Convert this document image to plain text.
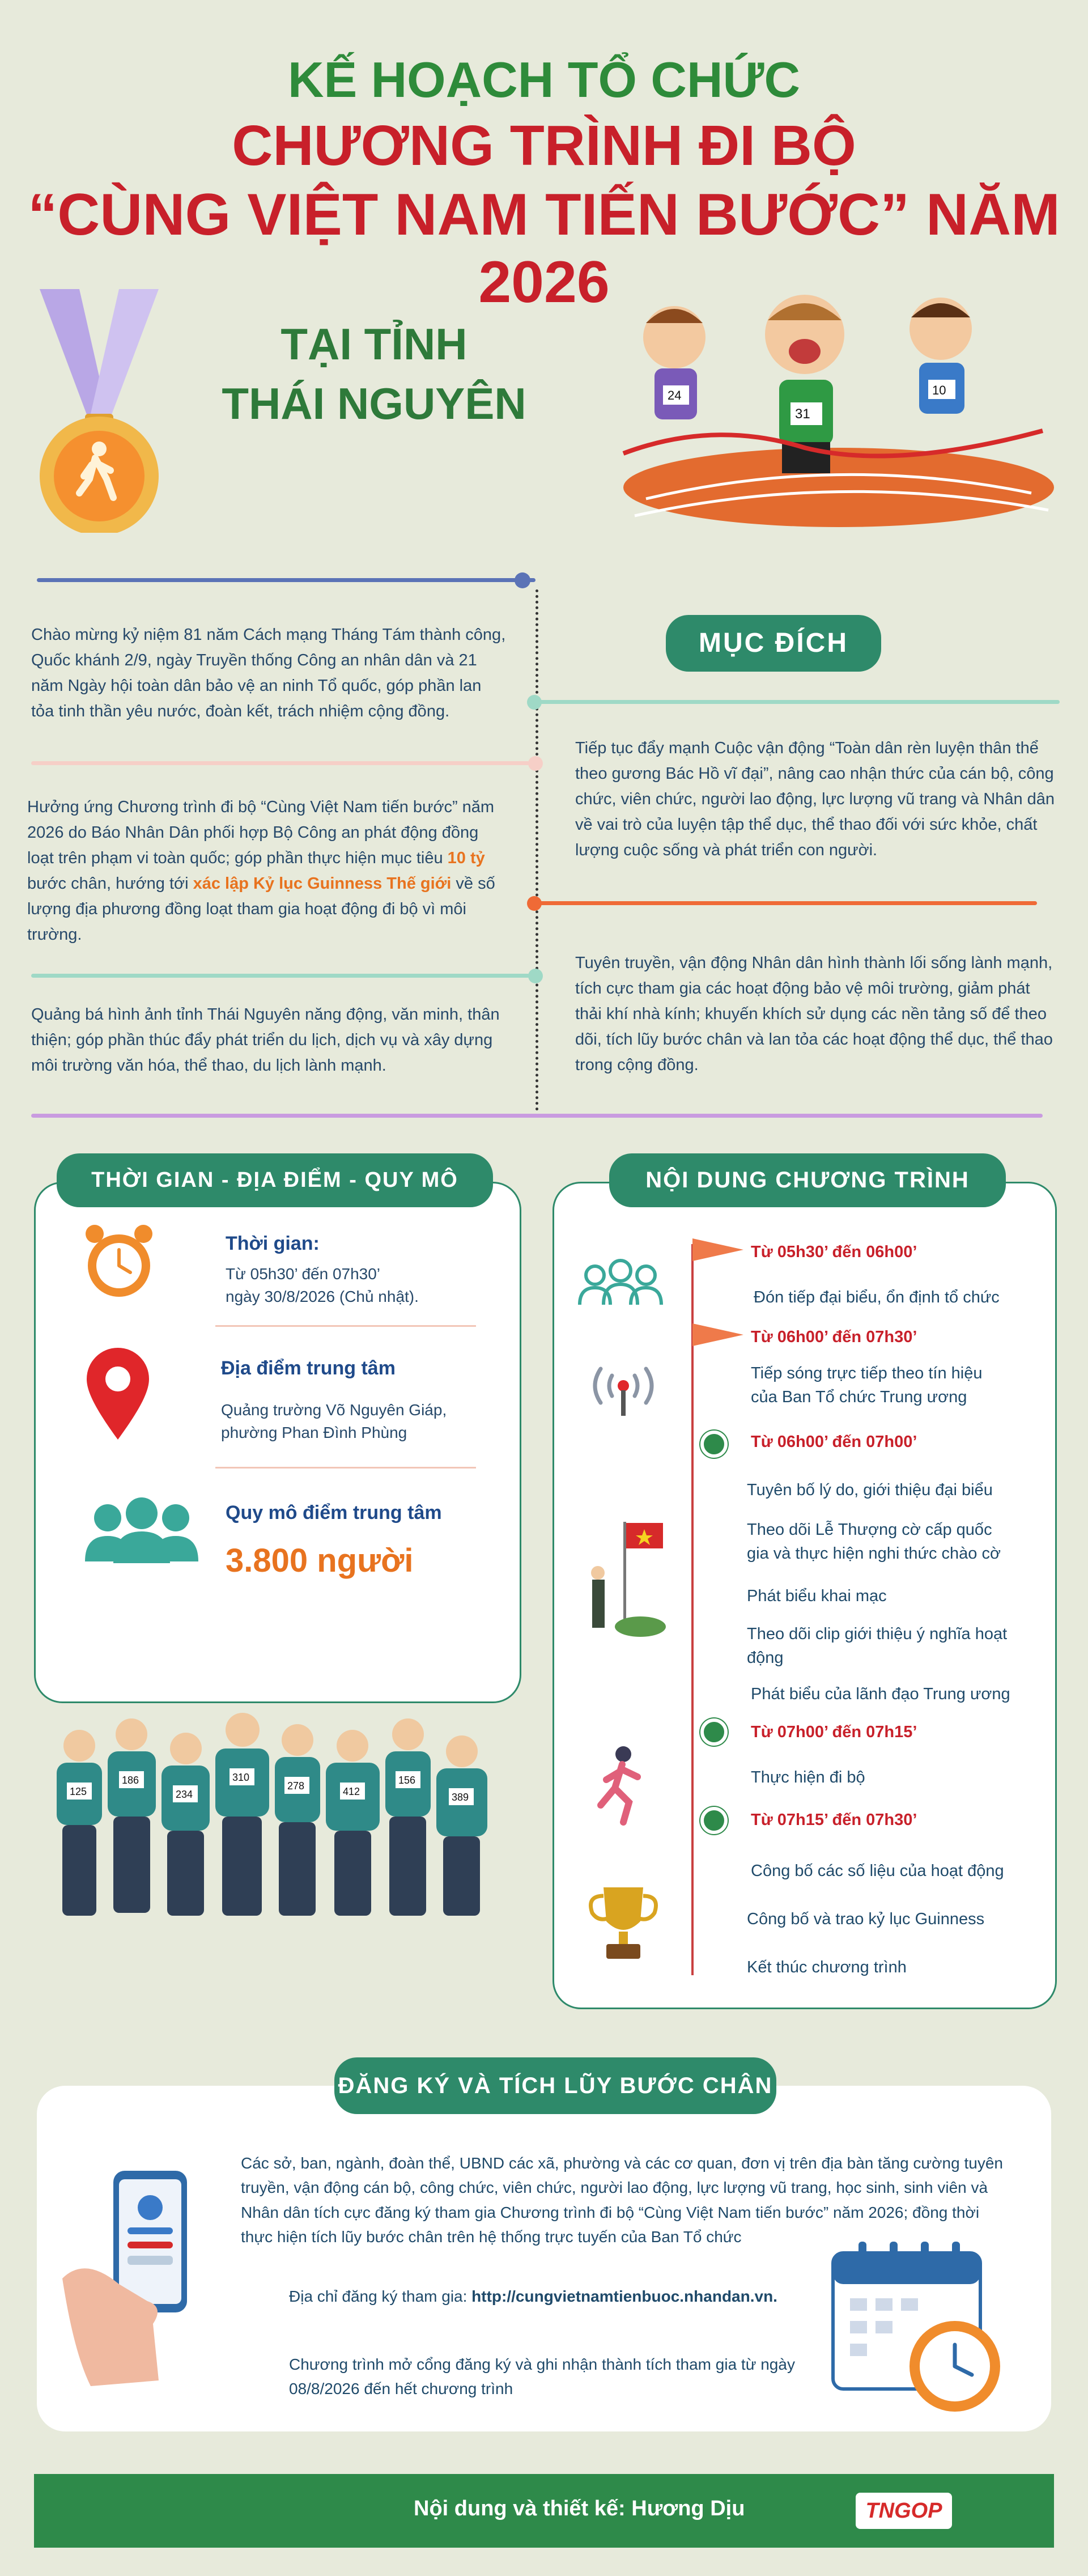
KẾ HOẠCH TỔ CHỨC
CHƯƠNG TRÌNH ĐI BỘ
“CÙNG VIỆT NAM TIẾN BƯỚC” NĂM 2026
TẠI TỈNH
THÁI NGUYÊN	24
31
10
Chào mừng kỷ niệm 81 năm Cách mạng Tháng Tám thành công, Quốc khánh 2/9, ngày Truyền thống Công an nhân dân và 21 năm Ngày hội toàn dân bảo vệ an ninh Tổ quốc, góp phần lan tỏa tinh thần yêu nước, đoàn kết, trách nhiệm cộng đồng.
MỤC ĐÍCH
Tiếp tục đẩy mạnh Cuộc vận động “Toàn dân rèn luyện thân thể theo gương Bác Hồ vĩ đại”, nâng cao nhận thức của cán bộ, công chức, viên chức, người lao động, lực lượng vũ trang và Nhân dân về vai trò của luyện tập thể dục, thể thao đối với sức khỏe, chất lượng cuộc sống và phát triển con người.
Hưởng ứng Chương trình đi bộ “Cùng Việt Nam tiến bước” năm 2026 do Báo Nhân Dân phối hợp Bộ Công an phát động đồng loạt trên phạm vi toàn quốc; góp phần thực hiện mục tiêu 10 tỷ bước chân, hướng tới xác lập Kỷ lục Guinness Thế giới về số lượng địa phương đồng loạt tham gia hoạt động đi bộ vì môi trường.
Tuyên truyền, vận động Nhân dân hình thành lối sống lành mạnh, tích cực tham gia các hoạt động bảo vệ môi trường, giảm phát thải khí nhà kính; khuyến khích sử dụng các nền tảng số để theo dõi, tích lũy bước chân và lan tỏa các hoạt động thể dục, thể thao trong cộng đồng.
Quảng bá hình ảnh tỉnh Thái Nguyên năng động, văn minh, thân thiện; góp phần thúc đẩy phát triển du lịch, dịch vụ và xây dựng môi trường văn hóa, thể thao, du lịch lành mạnh.
THỜI GIAN - ĐỊA ĐIỂM - QUY MÔ
Thời gian:
Từ 05h30’ đến 07h30’
ngày 30/8/2026 (Chủ nhật).
Địa điểm trung tâm
Quảng trường Võ Nguyên Giáp,
phường Phan Đình Phùng
Quy mô điểm trung tâm
3.800 người
125
186
234
310
278	412
156
389
NỘI DUNG CHƯƠNG TRÌNH
Từ 05h30’ đến 06h00’
Đón tiếp đại biểu, ổn định tổ chức
Từ 06h00’ đến 07h30’
Tiếp sóng trực tiếp theo tín hiệu
của Ban Tổ chức Trung ương
Từ 06h00’ đến 07h00’
Tuyên bố lý do, giới thiệu đại biểu
Theo dõi Lễ Thượng cờ cấp quốc
gia và thực hiện nghi thức chào cờ
Phát biểu khai mạc
Theo dõi clip giới thiệu ý nghĩa hoạt
động
Phát biểu của lãnh đạo Trung ương
Từ 07h00’ đến 07h15’
Thực hiện đi bộ
Từ 07h15’ đến 07h30’
Công bố các số liệu của hoạt động
Công bố và trao kỷ lục Guinness
Kết thúc chương trình
ĐĂNG KÝ VÀ TÍCH LŨY BƯỚC CHÂN
Các sở, ban, ngành, đoàn thể, UBND các xã, phường và các cơ quan, đơn vị trên địa bàn tăng cường tuyên truyền, vận động cán bộ, công chức, viên chức, người lao động, lực lượng vũ trang, học sinh, sinh viên và Nhân dân tích cực đăng ký tham gia Chương trình đi bộ “Cùng Việt Nam tiến bước” năm 2026; đồng thời thực hiện tích lũy bước chân trên hệ thống trực tuyến của Ban Tổ chức
Địa chỉ đăng ký tham gia: http://cungvietnamtienbuoc.nhandan.vn.
Chương trình mở cổng đăng ký và ghi nhận thành tích tham gia từ ngày 08/8/2026 đến hết chương trình
Nội dung và thiết kế: Hương Dịu	TNGOP
